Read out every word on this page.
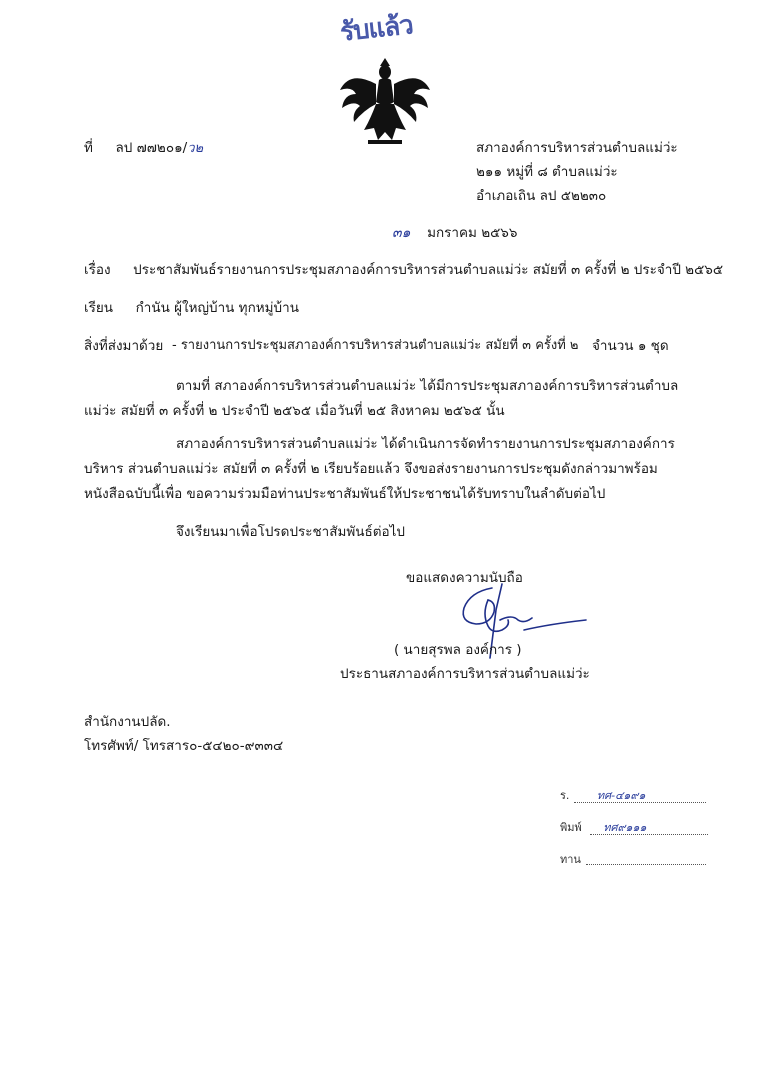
รับแล้ว
ที่ ลป ๗๗๒๐๑/ว๒	สภาองค์การบริหารส่วนตำบลแม่ว่ะ
๒๑๑ หมู่ที่ ๘ ตำบลแม่ว่ะ
อำเภอเถิน ลป ๕๒๒๓๐
๓๑ มกราคม ๒๕๖๖
เรื่อง ประชาสัมพันธ์รายงานการประชุมสภาองค์การบริหารส่วนตำบลแม่ว่ะ สมัยที่ ๓ ครั้งที่ ๒ ประจำปี ๒๕๖๕
เรียน กำนัน ผู้ใหญ่บ้าน ทุกหมู่บ้าน
สิ่งที่ส่งมาด้วย - รายงานการประชุมสภาองค์การบริหารส่วนตำบลแม่ว่ะ สมัยที่ ๓ ครั้งที่ ๒ จำนวน ๑ ชุด
ตามที่ สภาองค์การบริหารส่วนตำบลแม่ว่ะ ได้มีการประชุมสภาองค์การบริหารส่วนตำบลแม่ว่ะ สมัยที่ ๓ ครั้งที่ ๒ ประจำปี ๒๕๖๕ เมื่อวันที่ ๒๕ สิงหาคม ๒๕๖๕ นั้น
สภาองค์การบริหารส่วนตำบลแม่ว่ะ ได้ดำเนินการจัดทำรายงานการประชุมสภาองค์การบริหาร ส่วนตำบลแม่ว่ะ สมัยที่ ๓ ครั้งที่ ๒ เรียบร้อยแล้ว จึงขอส่งรายงานการประชุมดังกล่าวมาพร้อมหนังสือฉบับนี้เพื่อ ขอความร่วมมือท่านประชาสัมพันธ์ให้ประชาชนได้รับทราบในลำดับต่อไป
จึงเรียนมาเพื่อโปรดประชาสัมพันธ์ต่อไป
ขอแสดงความนับถือ
( นายสุรพล องค์การ )
ประธานสภาองค์การบริหารส่วนตำบลแม่ว่ะ
สำนักงานปลัด.
โทรศัพท์/ โทรสาร๐-๕๔๒๐-๙๓๓๔
ร.	ทศ-๔๑๙๑
พิมพ์ ทศ๙๑๑๑
ทาน
